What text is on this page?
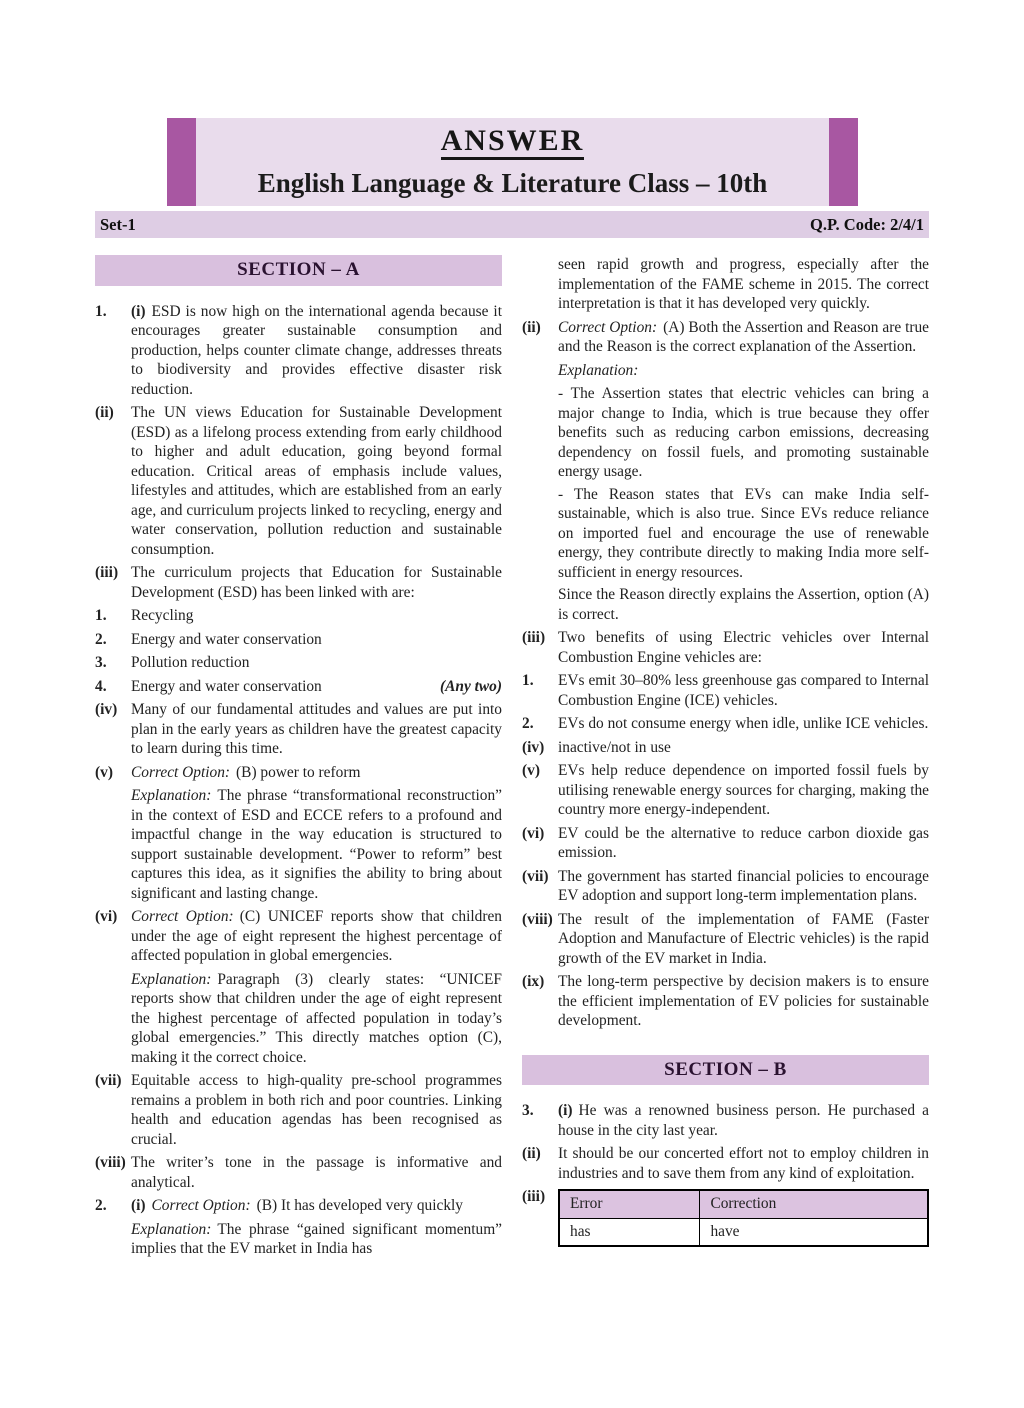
ANSWER
English Language & Literature Class – 10th
Set-1	Q.P. Code: 2/4/1
SECTION – A
1.	(i) ESD is now high on the international agenda because it encourages greater sustainable consumption and production, helps counter climate change, addresses threats to biodiversity and provides effective disaster risk reduction.
(ii)	The UN views Education for Sustainable Development (ESD) as a lifelong process extending from early childhood to higher and adult education, going beyond formal education. Critical areas of emphasis include values, lifestyles and attitudes, which are established from an early age, and curriculum projects linked to recycling, energy and water conservation, pollution reduction and sustainable consumption.
(iii) The curriculum projects that Education for Sustainable Development (ESD) has been linked with are:
1.	Recycling
2.	Energy and water conservation
3.	Pollution reduction
4.	Energy and water conservation	(Any two)
(iv) Many of our fundamental attitudes and values are put into plan in the early years as children have the greatest capacity to learn during this time.
(v)	Correct Option: (B) power to reform
Explanation: The phrase “transformational reconstruction” in the context of ESD and ECCE refers to a profound and impactful change in the way education is structured to support sustainable development. “Power to reform” best captures this idea, as it signifies the ability to bring about significant and lasting change.
(vi) Correct Option: (C) UNICEF reports show that children under the age of eight represent the highest percentage of affected population in global emergencies.
Explanation: Paragraph (3) clearly states: “UNICEF reports show that children under the age of eight represent the highest percentage of affected population in today’s global emergencies.” This directly matches option (C), making it the correct choice.
(vii) Equitable access to high-quality pre-school programmes remains a problem in both rich and poor countries. Linking health and education agendas has been recognised as crucial.
(viii) The writer’s tone in the passage is informative and analytical.
2.	(i) Correct Option: (B) It has developed very quickly
Explanation: The phrase “gained significant momentum” implies that the EV market in India has
seen rapid growth and progress, especially after the implementation of the FAME scheme in 2015. The correct interpretation is that it has developed very quickly.
(ii)	Correct Option: (A) Both the Assertion and Reason are true and the Reason is the correct explanation of the Assertion.
Explanation:
- The Assertion states that electric vehicles can bring a major change to India, which is true because they offer benefits such as reducing carbon emissions, decreasing dependency on fossil fuels, and promoting sustainable energy usage.
- The Reason states that EVs can make India self-sustainable, which is also true. Since EVs reduce reliance on imported fuel and encourage the use of renewable energy, they contribute directly to making India more self-sufficient in energy resources.
Since the Reason directly explains the Assertion, option (A) is correct.
(iii) Two benefits of using Electric vehicles over Internal Combustion Engine vehicles are:
1.	EVs emit 30–80% less greenhouse gas compared to Internal Combustion Engine (ICE) vehicles.
2.	EVs do not consume energy when idle, unlike ICE vehicles.
(iv) inactive/not in use
(v)	EVs help reduce dependence on imported fossil fuels by utilising renewable energy sources for charging, making the country more energy-independent.
(vi) EV could be the alternative to reduce carbon dioxide gas emission.
(vii) The government has started financial policies to encourage EV adoption and support long-term implementation plans.
(viii) The result of the implementation of FAME (Faster Adoption and Manufacture of Electric vehicles) is the rapid growth of the EV market in India.
(ix) The long-term perspective by decision makers is to ensure the efficient implementation of EV policies for sustainable development.
SECTION – B
3.	(i) He was a renowned business person. He purchased a house in the city last year.
(ii)	It should be our concerted effort not to employ children in industries and to save them from any kind of exploitation.
(iii)	Error	Correction
has	have
